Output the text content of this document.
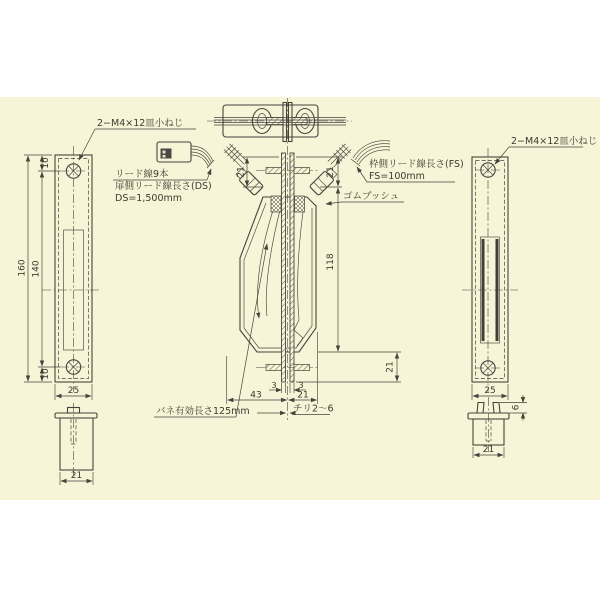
160 140
10
10
25
21
21	21
118
21
3	3
43	21
チリ2〜6
バネ有効長さ125mm
25
6
21
2−M4×12皿小ねじ
リード線9本
扉側リード線長さ(DS)
DS=1,500mm
枠側リード線長さ(FS)
FS=100mm
ゴムブッシュ
2−M4×12皿小ねじ
